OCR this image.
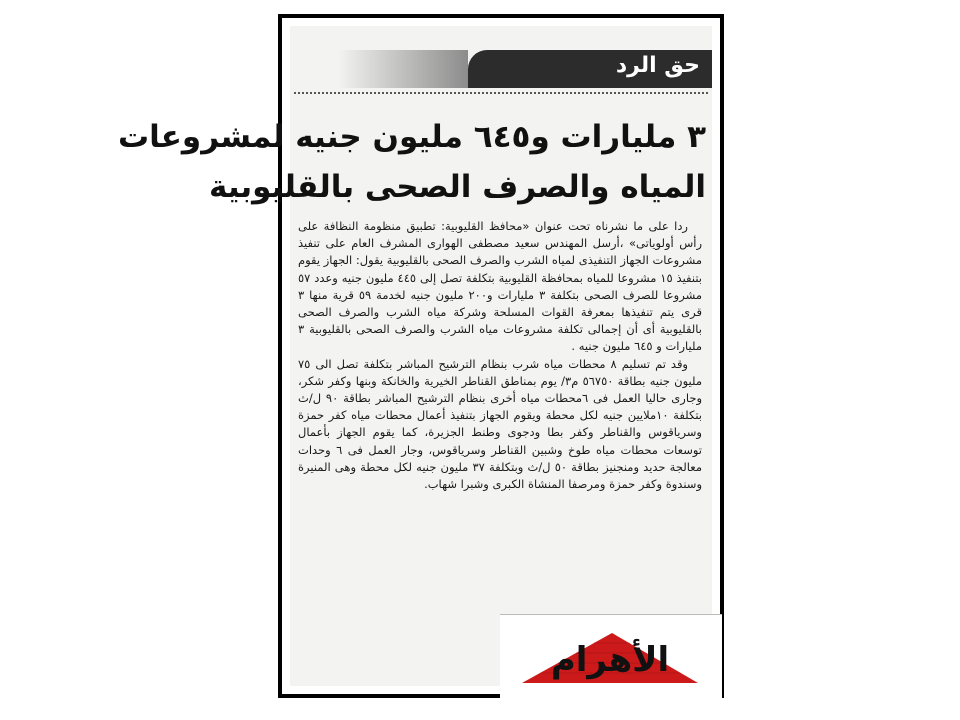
حق الرد
٣ مليارات و٦٤٥ مليون جنيه لمشروعات
المياه والصرف الصحى بالقليوبية

ردا على ما نشرناه تحت عنوان «محافظ القليوبية: تطبيق منظومة النظافة على رأس أولوياتى» ،أرسل المهندس سعيد مصطفى الهوارى المشرف العام على تنفيذ مشروعات الجهاز التنفيذى لمياه الشرب والصرف الصحى بالقليوبية يقول: الجهاز يقوم بتنفيذ ١٥ مشروعا للمياه بمحافظة القليوبية بتكلفة تصل إلى ٤٤٥ مليون جنيه وعدد ٥٧ مشروعا للصرف الصحى بتكلفة ٣ مليارات و٢٠٠ مليون جنيه لخدمة ٥٩ قرية منها ٣ قرى يتم تنفيذها بمعرفة القوات المسلحة وشركة مياه الشرب والصرف الصحى بالقليوبية أى أن إجمالى تكلفة مشروعات مياه الشرب والصرف الصحى بالقليوبية ٣ مليارات و ٦٤٥ مليون جنيه .

وقد تم تسليم ٨ محطات مياه شرب بنظام الترشيح المباشر بتكلفة تصل الى ٧٥ مليون جنيه بطاقة ٥٦٧٥٠ م٣/ يوم بمناطق القناطر الخيرية والخانكة وبنها وكفر شكر، وجارى حاليا العمل فى ٦محطات مياه أخرى بنظام الترشيح المباشر بطاقة ٩٠ ل/ث بتكلفة ١٠ملايين جنيه لكل محطة ويقوم الجهاز بتنفيذ أعمال محطات مياه كفر حمزة وسرياقوس والقناطر وكفر بطا ودجوى وطنط الجزيرة، كما يقوم الجهاز بأعمال توسعات محطات مياه طوخ وشبين القناطر وسرياقوس، وجار العمل فى ٦ وحدات معالجة حديد ومنجنيز بطاقة ٥٠ ل/ث وبتكلفة ٣٧ مليون جنيه لكل محطة وهى المنيرة وسندوة وكفر حمزة ومرصفا المنشاة الكبرى وشبرا شهاب.

الأهرام
